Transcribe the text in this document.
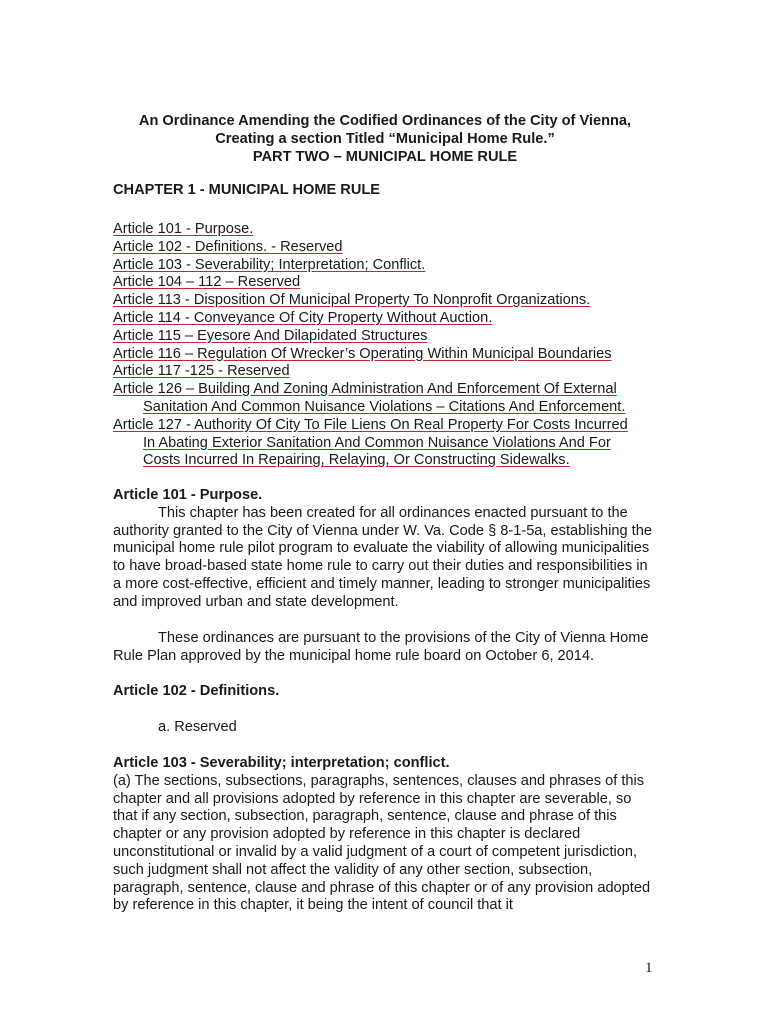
An Ordinance Amending the Codified Ordinances of the City of Vienna,
Creating a section Titled “Municipal Home Rule.”
PART TWO – MUNICIPAL HOME RULE
CHAPTER 1 - MUNICIPAL HOME RULE
Article 101 - Purpose.
Article 102 - Definitions. - Reserved
Article 103 - Severability; Interpretation; Conflict.
Article 104 – 112 – Reserved
Article 113 - Disposition Of Municipal Property To Nonprofit Organizations.
Article 114 - Conveyance Of City Property Without Auction.
Article 115 – Eyesore And Dilapidated Structures
Article 116 – Regulation Of Wrecker’s Operating Within Municipal Boundaries
Article 117 -125 - Reserved
Article 126 – Building And Zoning Administration And Enforcement Of External
Sanitation And Common Nuisance Violations – Citations And Enforcement.
Article 127 - Authority Of City To File Liens On Real Property For Costs Incurred
In Abating Exterior Sanitation And Common Nuisance Violations And For
Costs Incurred In Repairing, Relaying, Or Constructing Sidewalks.
Article 101 - Purpose.

This chapter has been created for all ordinances enacted pursuant to the authority granted to the City of Vienna under W. Va. Code § 8-1-5a, establishing the municipal home rule pilot program to evaluate the viability of allowing municipalities to have broad-based state home rule to carry out their duties and responsibilities in a more cost-effective, efficient and timely manner, leading to stronger municipalities and improved urban and state development.

These ordinances are pursuant to the provisions of the City of Vienna Home Rule Plan approved by the municipal home rule board on October 6, 2014.

Article 102 - Definitions.
a. Reserved
Article 103 - Severability; interpretation; conflict.

(a) The sections, subsections, paragraphs, sentences, clauses and phrases of this chapter and all provisions adopted by reference in this chapter are severable, so that if any section, subsection, paragraph, sentence, clause and phrase of this chapter or any provision adopted by reference in this chapter is declared unconstitutional or invalid by a valid judgment of a court of competent jurisdiction, such judgment shall not affect the validity of any other section, subsection, paragraph, sentence, clause and phrase of this chapter or of any provision adopted by reference in this chapter, it being the intent of council that it

1
